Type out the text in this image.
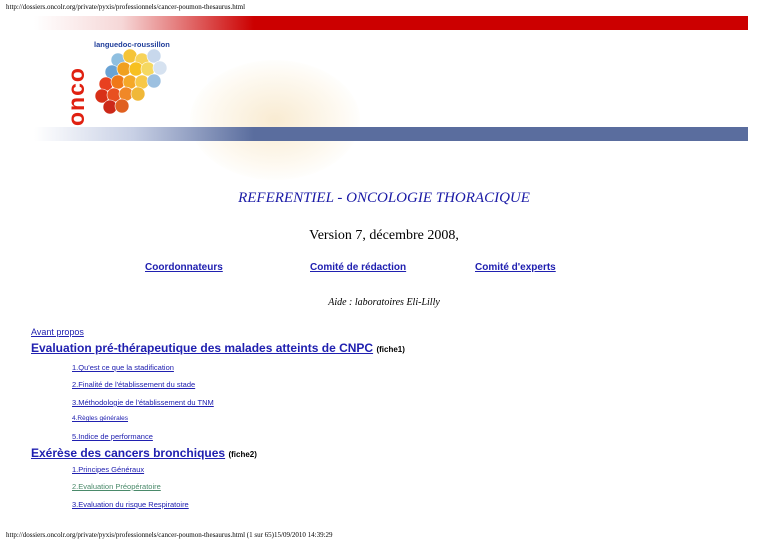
http://dossiers.oncolr.org/private/pyxis/professionnels/cancer-poumon-thesaurus.html
languedoc-roussillon
onco
REFERENTIEL - ONCOLOGIE THORACIQUE
Version 7, décembre 2008,
Coordonnateurs	Comité de rédaction	Comité d'experts
Aide : laboratoires Eli-Lilly
Avant propos
Evaluation pré-thérapeutique des malades atteints de CNPC (fiche1)
1.Qu'est ce que la stadification
2.Finalité de l'établissement du stade
3.Méthodologie de l'établissement du TNM
4.Règles générales
5.Indice de performance
Exérèse des cancers bronchiques (fiche2)
1.Principes Généraux
2.Evaluation Préopératoire
3.Evaluation du risque Respiratoire
http://dossiers.oncolr.org/private/pyxis/professionnels/cancer-poumon-thesaurus.html (1 sur 65)15/09/2010 14:39:29
